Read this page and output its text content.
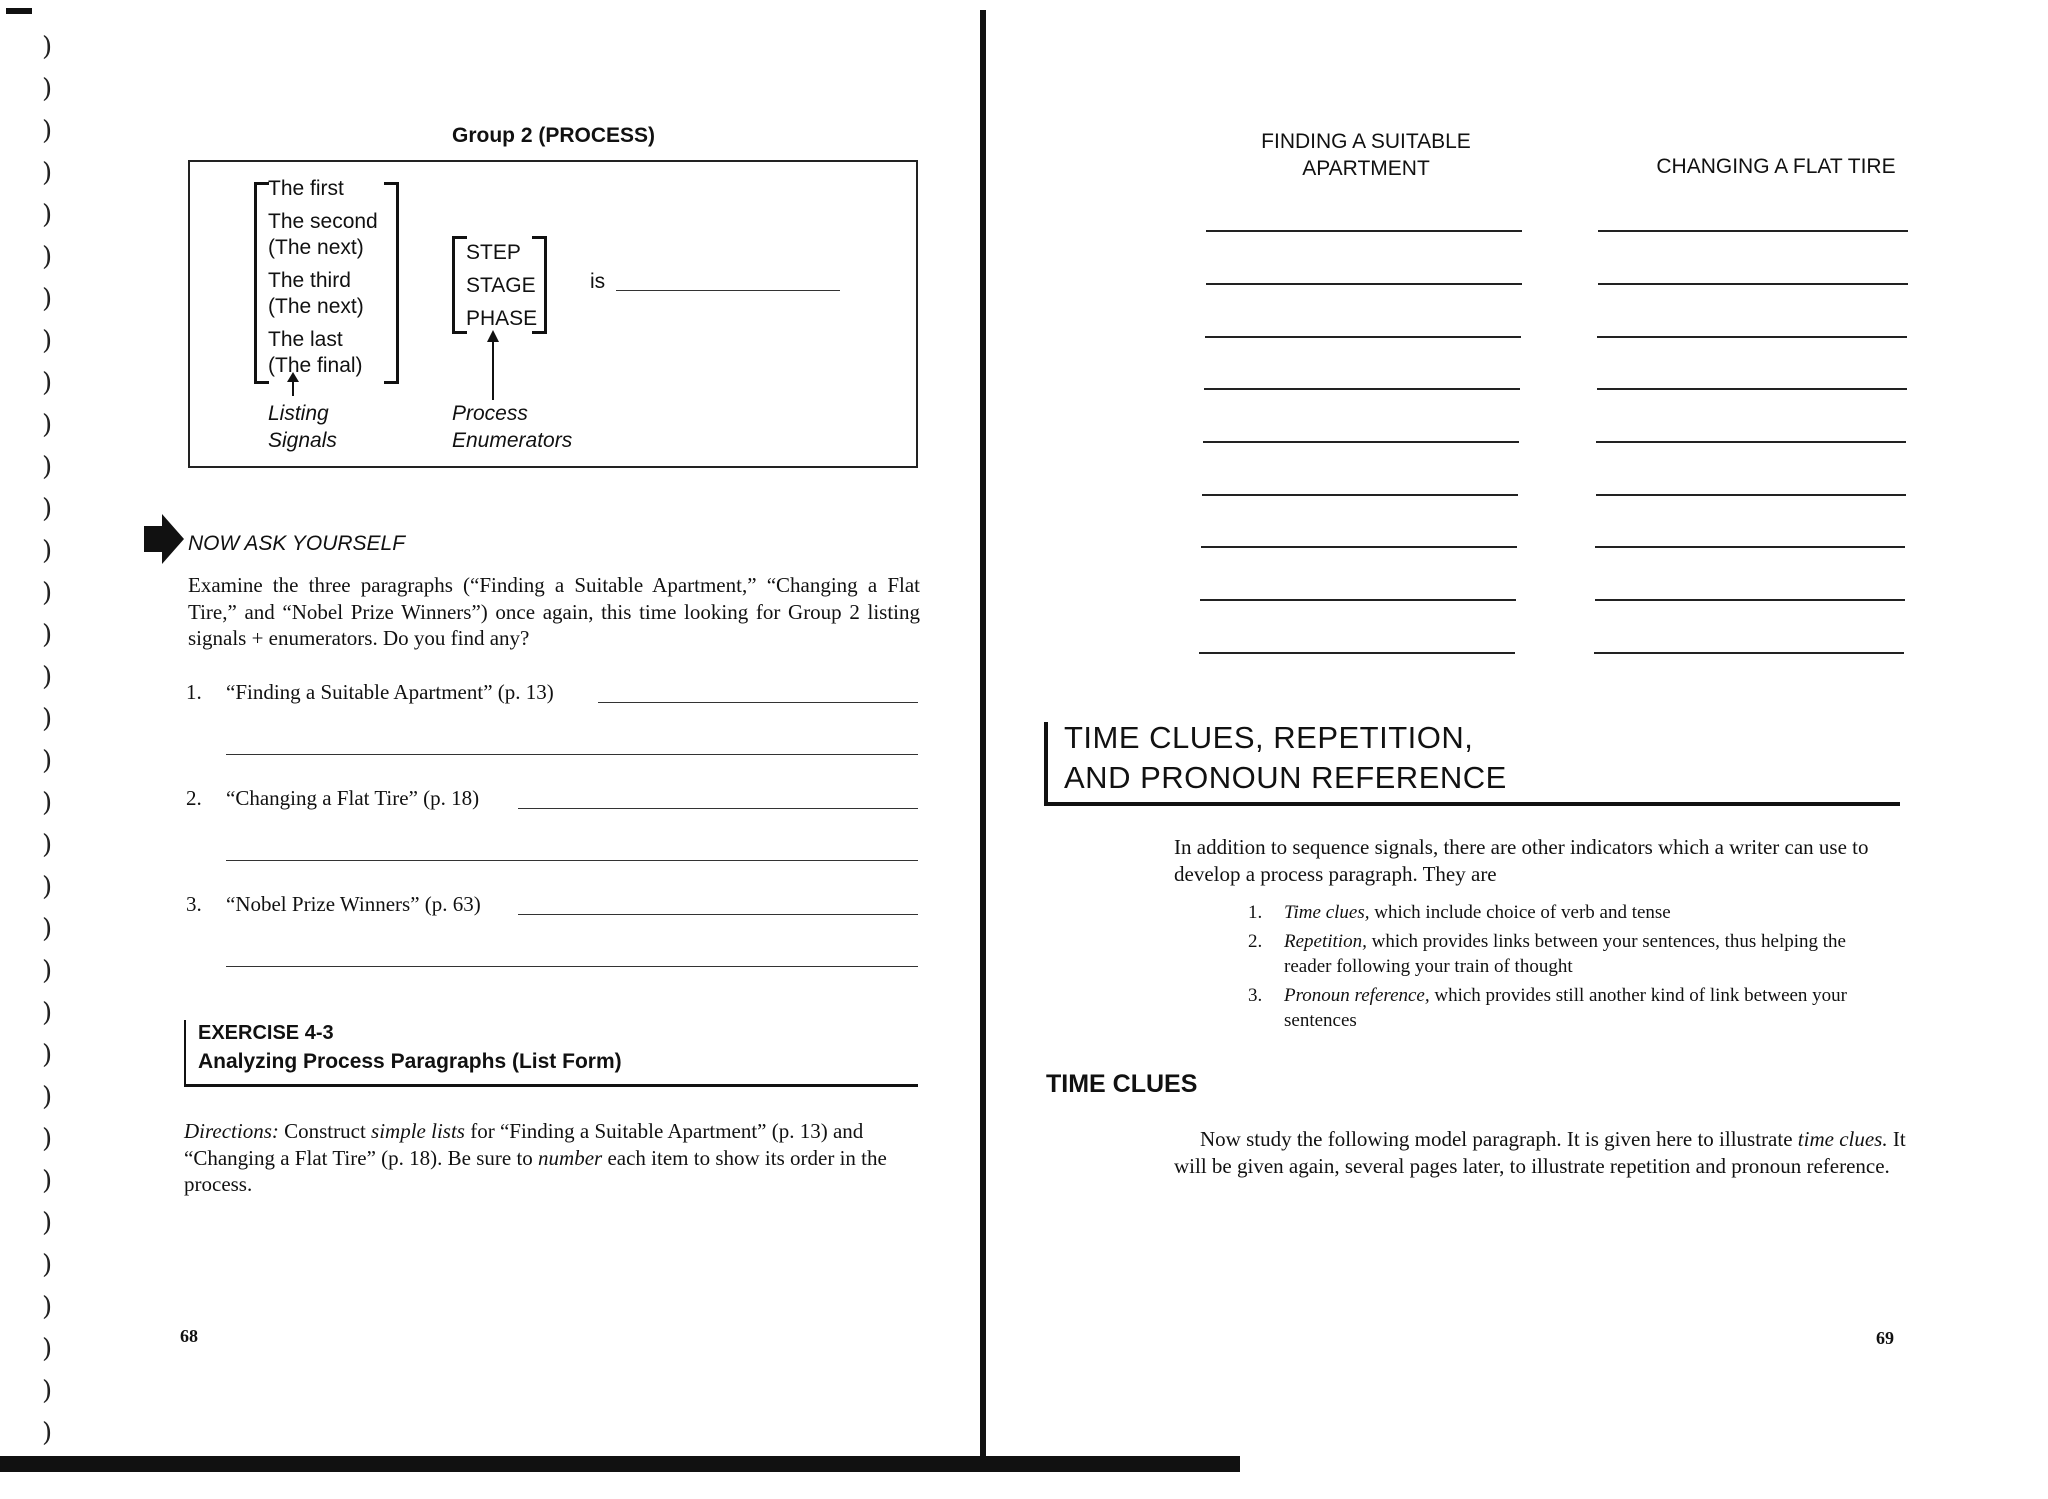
)
)
)
)
)
)
)
)
)
)
)
)
)
)
)
)
)
)
)
)
)
)
)
)
)
)
)
)
)
)
)
)
)
)
Group 2 (PROCESS)
The first
The second
(The next)
The third
(The next)
The last
(The final)
Listing
Signals
STEP
STAGE
PHASE
is
Process
Enumerators
NOW ASK YOURSELF
Examine the three paragraphs (“Finding a Suitable Apartment,” “Changing a Flat Tire,” and “Nobel Prize Winners”) once again, this time looking for Group 2 listing signals + enumerators. Do you find any?
1. “Finding a Suitable Apartment” (p. 13)
2. “Changing a Flat Tire” (p. 18)
3. “Nobel Prize Winners” (p. 63)
EXERCISE 4-3
Analyzing Process Paragraphs (List Form)
Directions: Construct simple lists for “Finding a Suitable Apartment” (p. 13) and “Changing a Flat Tire” (p. 18). Be sure to number each item to show its order in the process.
68
FINDING A SUITABLE
APARTMENT	CHANGING A FLAT TIRE
TIME CLUES, REPETITION,
AND PRONOUN REFERENCE
In addition to sequence signals, there are other indicators which a writer can use to develop a process paragraph. They are
1. Time clues, which include choice of verb and tense
2. Repetition, which provides links between your sentences, thus helping the reader following your train of thought
3. Pronoun reference, which provides still another kind of link between your sentences
TIME CLUES
Now study the following model paragraph. It is given here to illustrate time clues. It will be given again, several pages later, to illustrate repetition and pronoun reference.
69
